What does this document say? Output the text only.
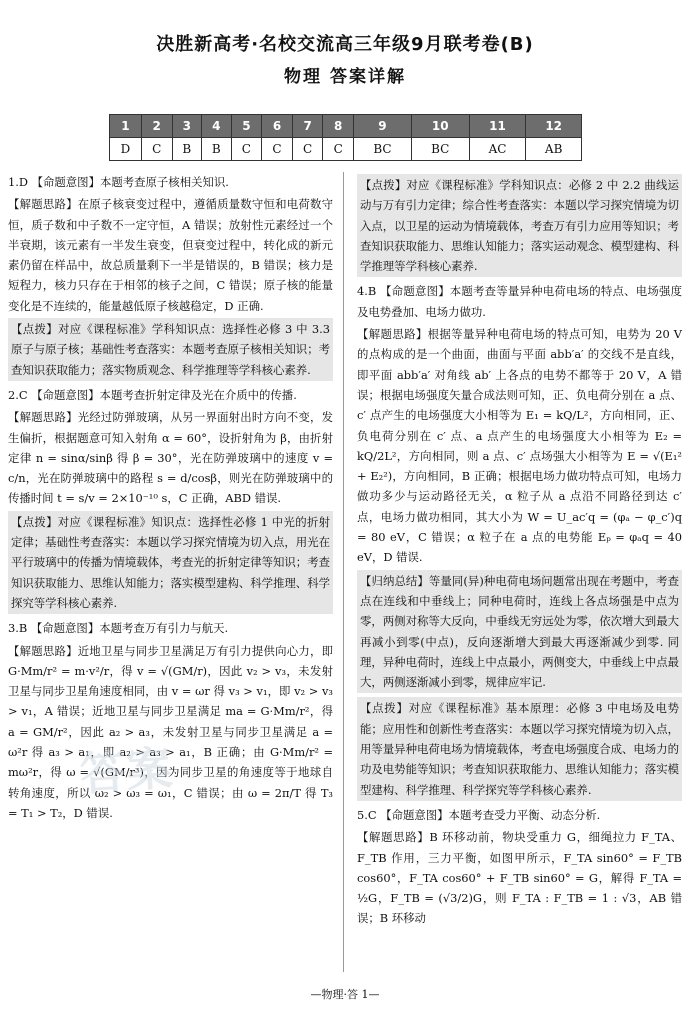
决胜新高考·名校交流高三年级9月联考卷(B)
物理 答案详解
1	2	3	4	5	6	7	8	9	10	11	12
D	C	B	B	C	C	C	C	BC	BC	AC	AB
1.D 【命题意图】本题考查原子核相关知识.
【解题思路】在原子核衰变过程中，遵循质量数守恒和电荷数守恒，质子数和中子数不一定守恒，A 错误；放射性元素经过一个半衰期，该元素有一半发生衰变，但衰变过程中，转化成的新元素仍留在样品中，故总质量剩下一半是错误的，B 错误；核力是短程力，核力只存在于相邻的核子之间，C 错误；原子核的能量变化是不连续的，能量越低原子核越稳定，D 正确.
【点拨】对应《课程标准》学科知识点：选择性必修 3 中 3.3 原子与原子核；基础性考查落实：本题考查原子核相关知识；考查知识获取能力；落实物质观念、科学推理等学科核心素养.
2.C 【命题意图】本题考查折射定律及光在介质中的传播.
【解题思路】光经过防弹玻璃，从另一界面射出时方向不变，发生偏折，根据题意可知入射角 α = 60°，设折射角为 β，由折射定律 n = sinα/sinβ 得 β = 30°，光在防弹玻璃中的速度 v = c/n，光在防弹玻璃中的路程 s = d/cosβ，则光在防弹玻璃中的传播时间 t = s/v = 2×10⁻¹⁰ s，C 正确，ABD 错误.
【点拨】对应《课程标准》知识点：选择性必修 1 中光的折射定律；基础性考查落实：本题以学习探究情境为切入点，用光在平行玻璃中的传播为情境载体，考查光的折射定律等知识；考查知识获取能力、思维认知能力；落实模型建构、科学推理、科学探究等学科核心素养.
3.B 【命题意图】本题考查万有引力与航天.
【解题思路】近地卫星与同步卫星满足万有引力提供向心力，即 G·Mm/r² = m·v²/r，得 v = √(GM/r)，因此 v₂ > v₃，未发射卫星与同步卫星角速度相同，由 v = ωr 得 v₃ > v₁，即 v₂ > v₃ > v₁，A 错误；近地卫星与同步卫星满足 ma = G·Mm/r²，得 a = GM/r²，因此 a₂ > a₃，未发射卫星与同步卫星满足 a = ω²r 得 a₃ > a₁，即 a₂ > a₃ > a₁，B 正确；由 G·Mm/r² = mω²r，得 ω = √(GM/r³)，因为同步卫星的角速度等于地球自转角速度，所以 ω₂ > ω₃ = ω₁，C 错误；由 ω = 2π/T 得 T₃ = T₁ > T₂，D 错误.
【点拨】对应《课程标准》学科知识点：必修 2 中 2.2 曲线运动与万有引力定律；综合性考查落实：本题以学习探究情境为切入点，以卫星的运动为情境载体，考查万有引力应用等知识；考查知识获取能力、思维认知能力；落实运动观念、模型建构、科学推理等学科核心素养.
4.B 【命题意图】本题考查等量异种电荷电场的特点、电场强度及电势叠加、电场力做功.
【解题思路】根据等量异种电荷电场的特点可知，电势为 20 V 的点构成的是一个曲面，曲面与平面 abb′a′ 的交线不是直线，即平面 abb′a′ 对角线 ab′ 上各点的电势不都等于 20 V，A 错误；根据电场强度矢量合成法则可知，正、负电荷分别在 a 点、c′ 点产生的电场强度大小相等为 E₁ = kQ/L²，方向相同，正、负电荷分别在 c′ 点、a 点产生的电场强度大小相等为 E₂ = kQ/2L²，方向相同，则 a 点、c′ 点场强大小相等为 E = √(E₁² + E₂²)，方向相同，B 正确；根据电场力做功特点可知，电场力做功多少与运动路径无关，α 粒子从 a 点沿不同路径到达 c′ 点，电场力做功相同，其大小为 W = U_ac′q = (φₐ − φ_c′)q = 80 eV，C 错误；α 粒子在 a 点的电势能 Eₚ = φₐq = 40 eV，D 错误.
【归纳总结】等量同(异)种电荷电场问题常出现在考题中，考查点在连线和中垂线上；同种电荷时，连线上各点场强是中点为零，两侧对称等大反向，中垂线无穷远处为零，依次增大到最大再减小到零(中点)，反向逐渐增大到最大再逐渐减少到零. 同理，异种电荷时，连线上中点最小，两侧变大，中垂线上中点最大，两侧逐渐减小到零，规律应牢记.
【点拨】对应《课程标准》基本原理：必修 3 中电场及电势能；应用性和创新性考查落实：本题以学习探究情境为切入点，用等量异种电荷电场为情境载体，考查电场强度合成、电场力的功及电势能等知识；考查知识获取能力、思维认知能力；落实模型建构、科学推理、科学探究等学科核心素养.
5.C 【命题意图】本题考查受力平衡、动态分析.
【解题思路】B 环移动前，物块受重力 G，细绳拉力 F_TA、F_TB 作用，三力平衡，如图甲所示，F_TA sin60° = F_TB cos60°，F_TA cos60° + F_TB sin60° = G，解得 F_TA = ½G，F_TB = (√3/2)G，则 F_TA : F_TB = 1 : √3，AB 错误；B 环移动
答案
—物理·答 1—
